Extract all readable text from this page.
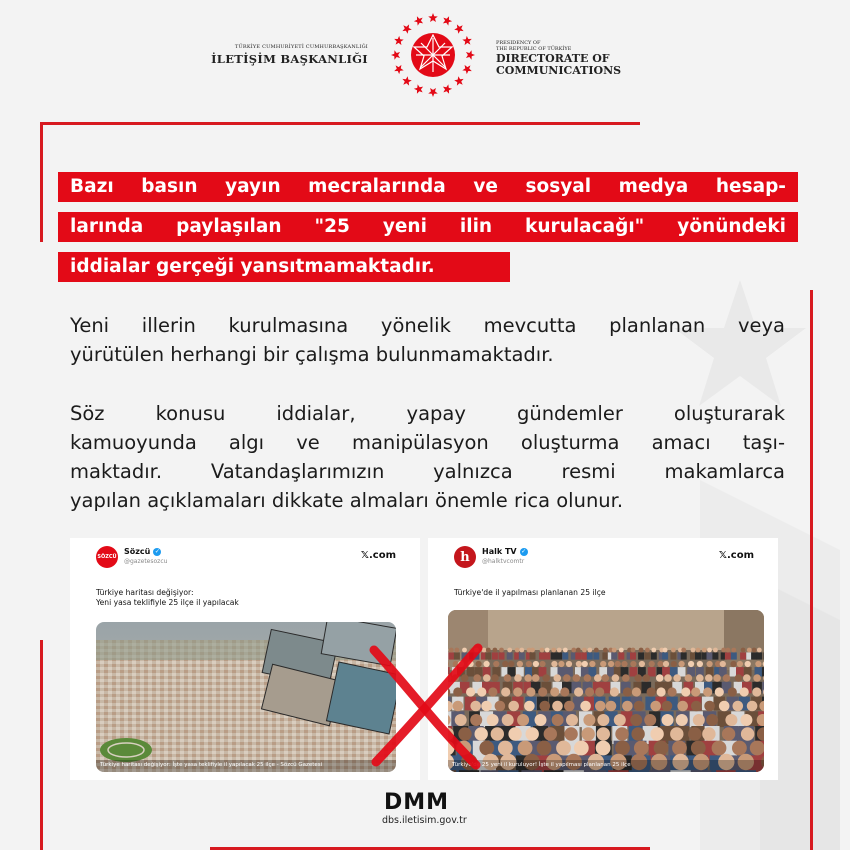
TÜRKİYE CUMHURİYETİ CUMHURBAŞKANLIĞI
İLETİŞİM BAŞKANLIĞI
PRESIDENCY OF
THE REPUBLIC OF TÜRKİYE
DIRECTORATE OF
COMMUNICATIONS
Bazı basın yayın mecralarında ve sosyal medya hesap-
larında paylaşılan "25 yeni ilin kurulacağı" yönündeki
iddialar gerçeği yansıtmamaktadır.
Yeni illerin kurulmasına yönelik mevcutta planlanan veya
yürütülen herhangi bir çalışma bulunmamaktadır.
Söz konusu iddialar, yapay gündemler oluşturarak
kamuoyunda algı ve manipülasyon oluşturma amacı taşı-
maktadır. Vatandaşlarımızın yalnızca resmi makamlarca
yapılan açıklamaları dikkate almaları önemle rica olunur.
SÖZCÜ
Sözcü ✓
@gazetesozcu
𝕏.com
Türkiye haritası değişiyor:
Yeni yasa teklifiyle 25 ilçe il yapılacak
Türkiye haritası değişiyor: İşte yasa teklifiyle il yapılacak 25 ilçe - Sözcü Gazetesi
h	Halk TV ✓
@halktvcomtr
𝕏.com
Türkiye'de il yapılması planlanan 25 ilçe
Türkiye'de 25 yeni il kuruluyor! İşte il yapılması planlanan 25 ilçe
DMM
dbs.iletisim.gov.tr
